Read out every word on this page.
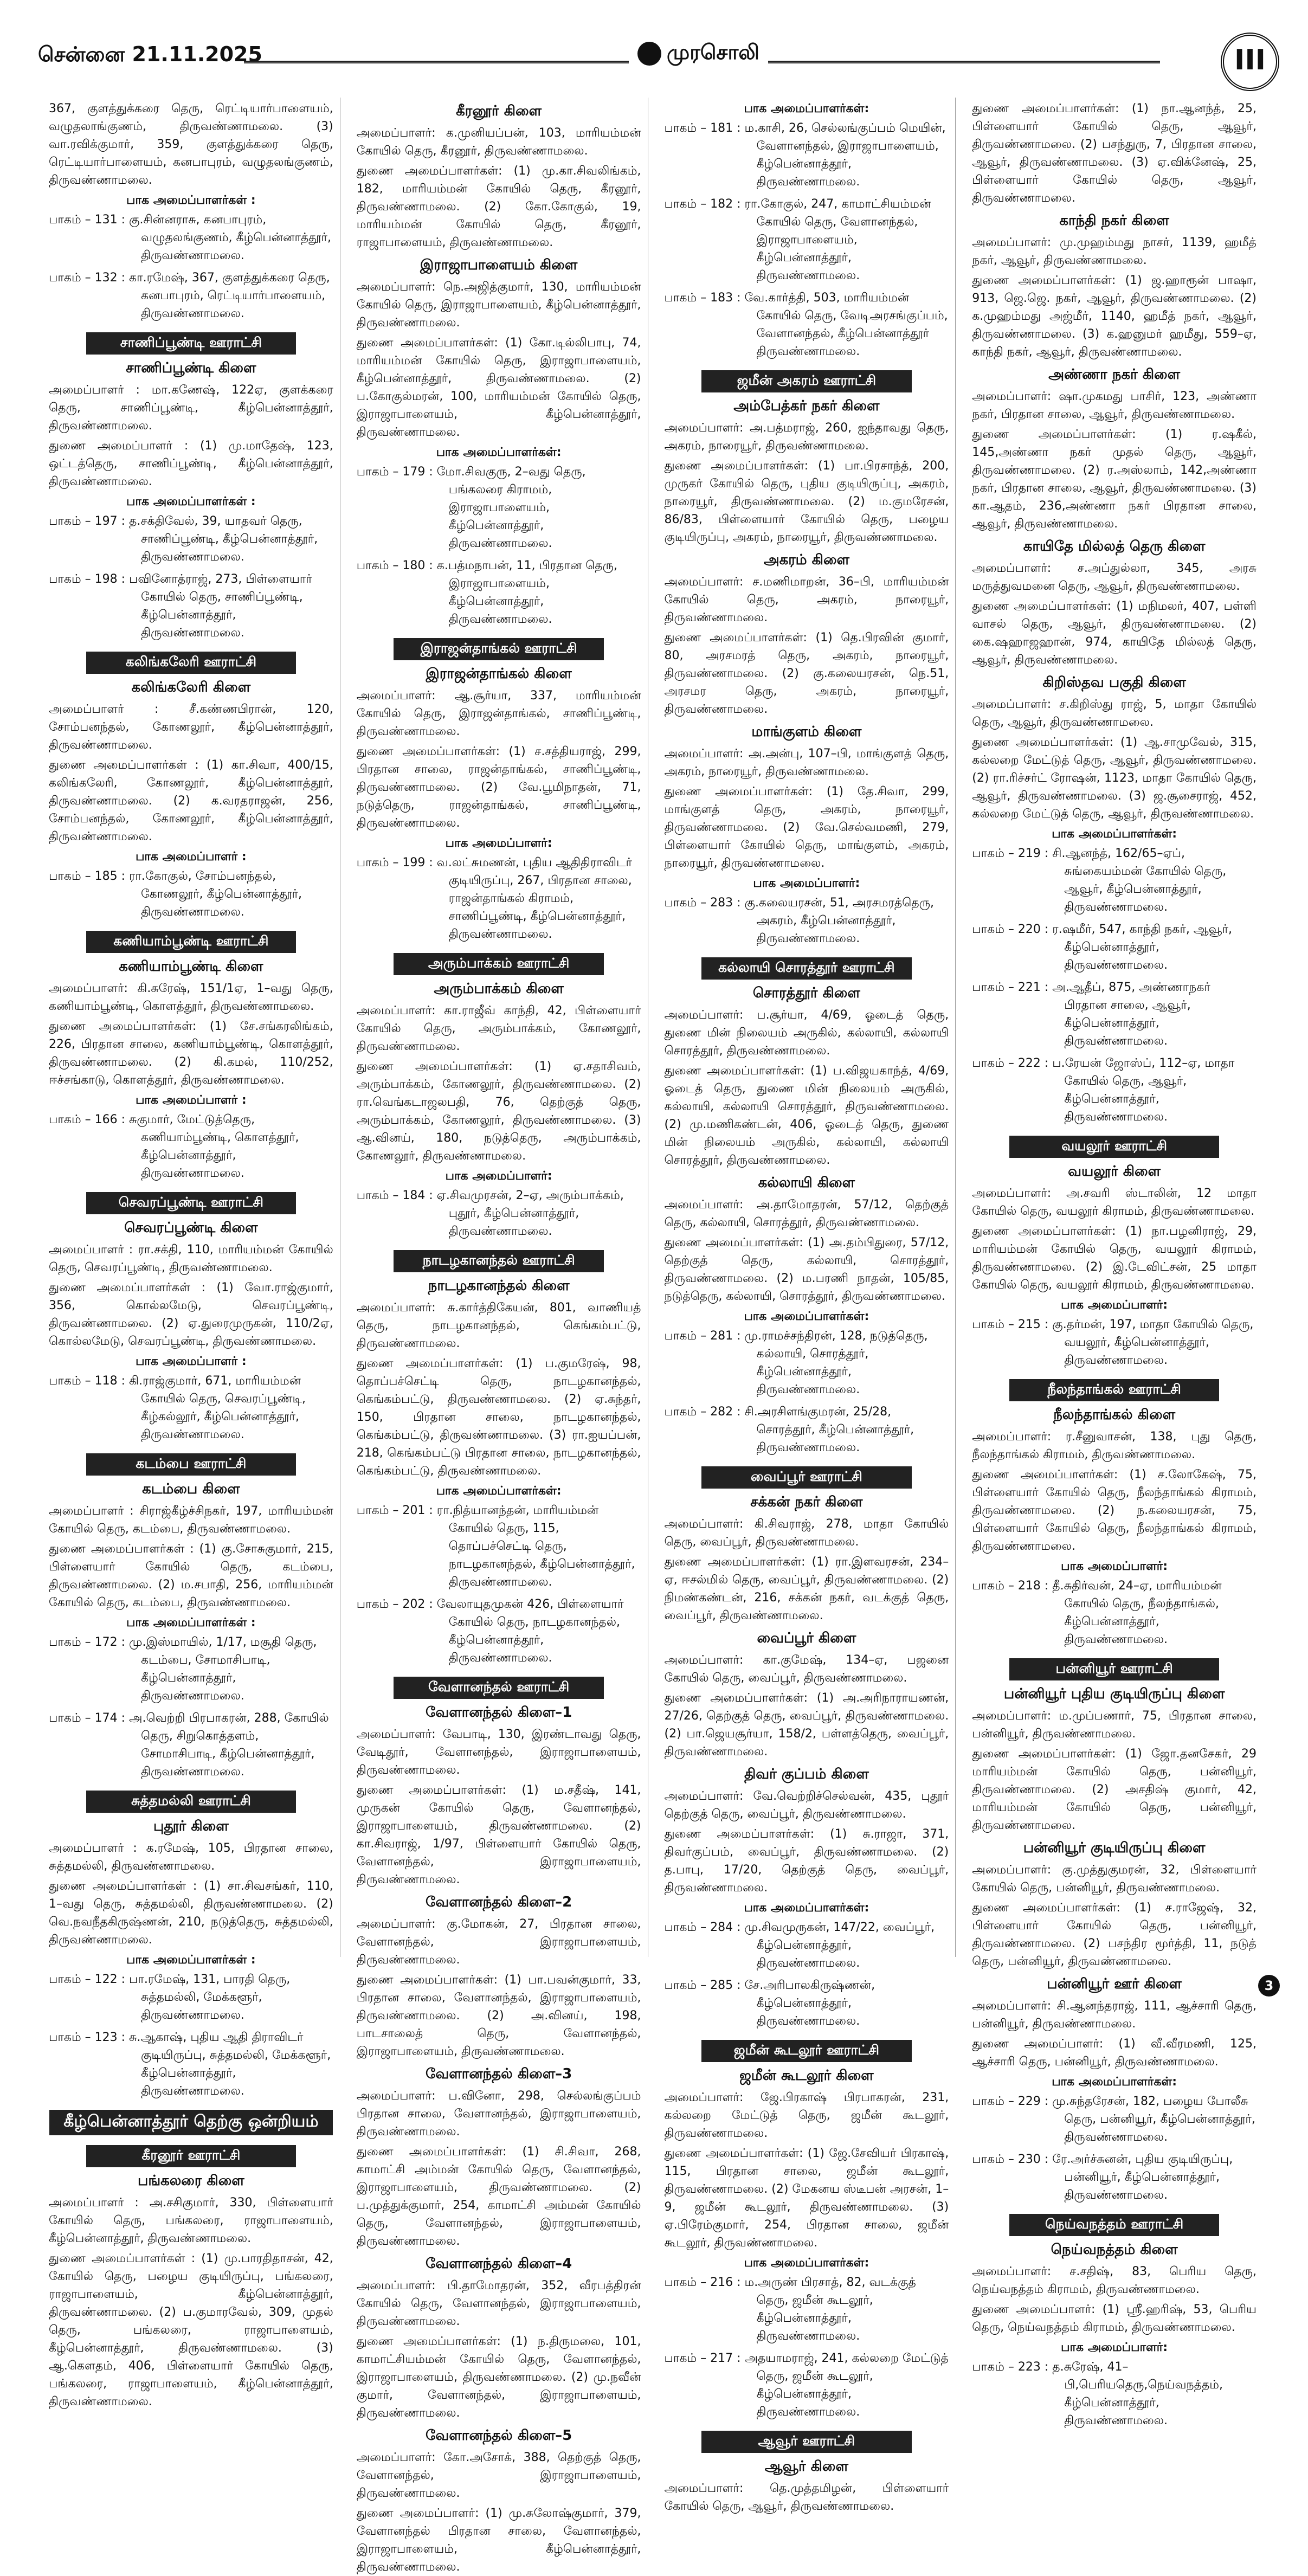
சென்னை 21.11.2025	முரசொலி	III
367, குளத்துக்கரை தெரு, ரெட்டியார்பாளையம், வழுதலாங்குணம், திருவண்ணாமலை. (3) வா.ரவிக்குமார், 359, குளத்துக்கரை தெரு, ரெட்டியார்பாளையம், கனபாபுரம், வழுதலங்குணம், திருவண்ணாமலை.
பாக அமைப்பாளர்கள் :
பாகம் – 131 : கு.சின்னராசு, கனபாபுரம், வழுதலங்குணம், கீழ்பென்னாத்தூர், திருவண்ணாமலை.
பாகம் – 132 : கா.ரமேஷ், 367, குளத்துக்கரை தெரு, கனபாபுரம், ரெட்டியார்பாளையம், திருவண்ணாமலை.
சாணிப்பூண்டி ஊராட்சி
சாணிப்பூண்டி கிளை
அமைப்பாளர் : மா.கணேஷ், 122ஏ, குளக்கரை தெரு, சாணிப்பூண்டி, கீழ்பென்னாத்தூர், திருவண்ணாமலை.
துணை அமைப்பாளர் : (1) மு.மாதேஷ், 123, ஒட்டத்தெரு, சாணிப்பூண்டி, கீழ்பென்னாத்தூர், திருவண்ணாமலை.
பாக அமைப்பாளர்கள் :
பாகம் – 197 : த.சக்திவேல், 39, யாதவர் தெரு, சாணிப்பூண்டி, கீழ்பென்னாத்தூர், திருவண்ணாமலை.
பாகம் – 198 : பவினோத்ராஜ், 273, பிள்ளையார் கோயில் தெரு, சாணிப்பூண்டி, கீழ்பென்னாத்தூர், திருவண்ணாமலை.
கலிங்கலேரி ஊராட்சி
கலிங்கலேரி கிளை
அமைப்பாளர் : சீ.கண்ணபிரான், 120, சோம்பனந்தல், கோணலூர், கீழ்பென்னாத்தூர், திருவண்ணாமலை.
துணை அமைப்பாளர்கள் : (1) கா.சிவா, 400/15, கலிங்கலேரி, கோணலூர், கீழ்பென்னாத்தூர், திருவண்ணாமலை. (2) க.வரதராஜன், 256, சோம்பனந்தல், கோணலூர், கீழ்பென்னாத்தூர், திருவண்ணாமலை.
பாக அமைப்பாளர் :
பாகம் – 185 : ரா.கோகுல், சோம்பனந்தல், கோணலூர், கீழ்பென்னாத்தூர், திருவண்ணாமலை.
கணியாம்பூண்டி ஊராட்சி
கணியாம்பூண்டி கிளை
அமைப்பாளர்: கி.சுரேஷ், 151/1ஏ, 1–வது தெரு, கணியாம்பூண்டி, கொளத்தூர், திருவண்ணாமலை.
துணை அமைப்பாளர்கள்: (1) சே.சங்கரலிங்கம், 226, பிரதான சாலை, கணியாம்பூண்டி, கொளத்தூர், திருவண்ணாமலை. (2) கி.கமல், 110/252, ஈச்சங்காடு, கொளத்தூர், திருவண்ணாமலை.
பாக அமைப்பாளர் :
பாகம் – 166 : சுகுமார், மேட்டுத்தெரு, கணியாம்பூண்டி, கொளத்தூர், கீழ்பென்னாத்தூர், திருவண்ணாமலை.
செவரப்பூண்டி ஊராட்சி
செவரப்பூண்டி கிளை
அமைப்பாளர் : ரா.சக்தி, 110, மாரியம்மன் கோயில் தெரு, செவரப்பூண்டி, திருவண்ணாமலை.
துணை அமைப்பாளர்கள் : (1) வோ.ராஜ்குமார், 356, கொல்லமேடு, செவரப்பூண்டி, திருவண்ணாமலை. (2) ஏ.துரைமுருகன், 110/2ஏ, கொல்லமேடு, செவரப்பூண்டி, திருவண்ணாமலை.
பாக அமைப்பாளர் :
பாகம் – 118 : கி.ராஜ்குமார், 671, மாரியம்மன் கோயில் தெரு, செவரப்பூண்டி, கீழ்கல்லூர், கீழ்பென்னாத்தூர், திருவண்ணாமலை.
கடம்பை ஊராட்சி
கடம்பை கிளை
அமைப்பாளர் : சிராஜ்கீழ்ச்சிநகர், 197, மாரியம்மன் கோயில் தெரு, கடம்பை, திருவண்ணாமலை.
துணை அமைப்பாளர்கள் : (1) கு.சோசுகுமார், 215, பிள்ளையார் கோயில் தெரு, கடம்பை, திருவண்ணாமலை. (2) ம.சபாதி, 256, மாரியம்மன் கோயில் தெரு, கடம்பை, திருவண்ணாமலை.
பாக அமைப்பாளர்கள் :
பாகம் – 172 : மு.இஸ்மாயில், 1/17, மசூதி தெரு, கடம்பை, சோமாசிபாடி, கீழ்பென்னாத்தூர், திருவண்ணாமலை.
பாகம் – 174 : அ.வெற்றி பிரபாகரன், 288, கோயில் தெரு, சிறுகொத்தளம், சோமாசிபாடி, கீழ்பென்னாத்தூர், திருவண்ணாமலை.
சுத்தமல்லி ஊராட்சி
புதூர் கிளை
அமைப்பாளர் : க.ரமேஷ், 105, பிரதான சாலை, சுத்தமல்லி, திருவண்ணாமலை.
துணை அமைப்பாளர்கள் : (1) சா.சிவசங்கர், 110, 1–வது தெரு, சுத்தமல்லி, திருவண்ணாமலை. (2) வெ.நவநீதகிருஷ்ணன், 210, நடுத்தெரு, சுத்தமல்லி, திருவண்ணாமலை.
பாக அமைப்பாளர்கள் :
பாகம் – 122 : பா.ரமேஷ், 131, பாரதி தெரு, சுத்தமல்லி, மேக்களூர், திருவண்ணாமலை.
பாகம் – 123 : சு.ஆகாஷ், புதிய ஆதி திராவிடர் குடியிருப்பு, சுத்தமல்லி, மேக்களூர், கீழ்பென்னாத்தூர், திருவண்ணாமலை.
கீழ்பென்னாத்தூர் தெற்கு ஒன்றியம்
கீரனூர் ஊராட்சி
பங்கலரை கிளை
அமைப்பாளர் : அ.சசிகுமார், 330, பிள்ளையார் கோயில் தெரு, பங்கலரை, ராஜாபாளையம், கீழ்பென்னாத்தூர், திருவண்ணாமலை.
துணை அமைப்பாளர்கள் : (1) மு.பாரதிதாசன், 42, கோயில் தெரு, பழைய குடியிருப்பு, பங்கலரை, ராஜாபாளையம், கீழ்பென்னாத்தூர், திருவண்ணாமலை. (2) ப.குமாரவேல், 309, முதல் தெரு, பங்கலரை, ராஜாபாளையம், கீழ்பென்னாத்தூர், திருவண்ணாமலை. (3) ஆ.கௌதம், 406, பிள்ளையார் கோயில் தெரு, பங்கலரை, ராஜாபாளையம், கீழ்பென்னாத்தூர், திருவண்ணாமலை.
கீரனூர் கிளை
அமைப்பாளர்: க.முனியப்பன், 103, மாரியம்மன் கோயில் தெரு, கீரனூர், திருவண்ணாமலை.
துணை அமைப்பாளர்கள்: (1) மு.கா.சிவலிங்கம், 182, மாரியம்மன் கோயில் தெரு, கீரனூர், திருவண்ணாமலை. (2) கோ.கோகுல், 19, மாரியம்மன் கோயில் தெரு, கீரனூர், ராஜாபாளையம், திருவண்ணாமலை.
இராஜாபாளையம் கிளை
அமைப்பாளர்: நெ.அஜித்குமார், 130, மாரியம்மன் கோயில் தெரு, இராஜாபாளையம், கீழ்பென்னாத்தூர், திருவண்ணாமலை.
துணை அமைப்பாளர்கள்: (1) கோ.டில்லிபாபு, 74, மாரியம்மன் கோயில் தெரு, இராஜாபாளையம், கீழ்பென்னாத்தூர், திருவண்ணாமலை. (2) ப.கோகுல்மரன், 100, மாரியம்மன் கோயில் தெரு, இராஜாபாளையம், கீழ்பென்னாத்தூர், திருவண்ணாமலை.
பாக அமைப்பாளர்கள்:
பாகம் – 179 : மோ.சிவகுரு, 2–வது தெரு, பங்கலரை கிராமம், இராஜாபாளையம், கீழ்பென்னாத்தூர், திருவண்ணாமலை.
பாகம் – 180 : க.பத்மநாபன், 11, பிரதான தெரு, இராஜாபாளையம், கீழ்பென்னாத்தூர், திருவண்ணாமலை.
இராஜன்தாங்கல் ஊராட்சி
இராஜன்தாங்கல் கிளை
அமைப்பாளர்: ஆ.சூர்யா, 337, மாரியம்மன் கோயில் தெரு, இராஜன்தாங்கல், சாணிப்பூண்டி, திருவண்ணாமலை.
துணை அமைப்பாளர்கள்: (1) ச.சத்தியராஜ், 299, பிரதான சாலை, ராஜன்தாங்கல், சாணிப்பூண்டி, திருவண்ணாமலை. (2) வே.பூமிநாதன், 71, நடுத்தெரு, ராஜன்தாங்கல், சாணிப்பூண்டி, திருவண்ணாமலை.
பாக அமைப்பாளர்:
பாகம் – 199 : வ.லட்சுமணன், புதிய ஆதிதிராவிடர் குடியிருப்பு, 267, பிரதான சாலை, ராஜன்தாங்கல் கிராமம், சாணிப்பூண்டி, கீழ்பென்னாத்தூர், திருவண்ணாமலை.
அரும்பாக்கம் ஊராட்சி
அரும்பாக்கம் கிளை
அமைப்பாளர்: கா.ராஜீவ் காந்தி, 42, பிள்ளையார் கோயில் தெரு, அரும்பாக்கம், கோணலூர், திருவண்ணாமலை.
துணை அமைப்பாளர்கள்: (1) ஏ.சதாசிவம், அரும்பாக்கம், கோணலூர், திருவண்ணாமலை. (2) ரா.வெங்கடாஜலபதி, 76, தெற்குத் தெரு, அரும்பாக்கம், கோணலூர், திருவண்ணாமலை. (3) ஆ.வினய், 180, நடுத்தெரு, அரும்பாக்கம், கோணலூர், திருவண்ணாமலை.
பாக அமைப்பாளர்:
பாகம் – 184 : ஏ.சிவமுரசன், 2–ஏ, அரும்பாக்கம், புதூர், கீழ்பென்னாத்தூர், திருவண்ணாமலை.
நாடழகானந்தல் ஊராட்சி
நாடழகானந்தல் கிளை
அமைப்பாளர்: சு.கார்த்திகேயன், 801, வாணியத் தெரு, நாடழகானந்தல், கெங்கம்பட்டு, திருவண்ணாமலை.
துணை அமைப்பாளர்கள்: (1) ப.குமரேஷ், 98, தொப்பச்செட்டி தெரு, நாடழகானந்தல், கெங்கம்பட்டு, திருவண்ணாமலை. (2) ஏ.சுந்தர், 150, பிரதான சாலை, நாடழகானந்தல், கெங்கம்பட்டு, திருவண்ணாமலை. (3) ரா.ஐயப்பன், 218, கெங்கம்பட்டு பிரதான சாலை, நாடழகானந்தல், கெங்கம்பட்டு, திருவண்ணாமலை.
பாக அமைப்பாளர்கள்:
பாகம் – 201 : ரா.நித்யானந்தன், மாரியம்மன் கோயில் தெரு, 115, தொப்பச்செட்டி தெரு, நாடழகானந்தல், கீழ்பென்னாத்தூர், திருவண்ணாமலை.
பாகம் – 202 : வேலாயுதமுகன் 426, பிள்ளையார் கோயில் தெரு, நாடழகானந்தல், கீழ்பென்னாத்தூர், திருவண்ணாமலை.
வேளானந்தல் ஊராட்சி
வேளானந்தல் கிளை–1
அமைப்பாளர்: வேபாடி, 130, இரண்டாவது தெரு, வேடிதூர், வேளானந்தல், இராஜாபாளையம், திருவண்ணாமலை.
துணை அமைப்பாளர்கள்: (1) ம.சதீஷ், 141, முருகன் கோயில் தெரு, வேளானந்தல், இராஜாபாளையம், திருவண்ணாமலை. (2) கா.சிவராஜ், 1/97, பிள்ளையார் கோயில் தெரு, வேளானந்தல், இராஜாபாளையம், திருவண்ணாமலை.
வேளானந்தல் கிளை–2
அமைப்பாளர்: கு.மோகன், 27, பிரதான சாலை, வேளானந்தல், இராஜாபாளையம், திருவண்ணாமலை.
துணை அமைப்பாளர்கள்: (1) பா.பவன்குமார், 33, பிரதான சாலை, வேளானந்தல், இராஜாபாளையம், திருவண்ணாமலை. (2) அ.வினய், 198, பாடசாலைத் தெரு, வேளானந்தல், இராஜாபாளையம், திருவண்ணாமலை.
வேளானந்தல் கிளை–3
அமைப்பாளர்: ப.வினோ, 298, செல்லங்குப்பம் பிரதான சாலை, வேளானந்தல், இராஜாபாளையம், திருவண்ணாமலை.
துணை அமைப்பாளர்கள்: (1) சி.சிவா, 268, காமாட்சி அம்மன் கோயில் தெரு, வேளானந்தல், இராஜாபாளையம், திருவண்ணாமலை. (2) ப.முத்துக்குமார், 254, காமாட்சி அம்மன் கோயில் தெரு, வேளானந்தல், இராஜாபாளையம், திருவண்ணாமலை.
வேளானந்தல் கிளை–4
அமைப்பாளர்: பி.தாமோதரன், 352, வீரபத்திரன் கோயில் தெரு, வேளானந்தல், இராஜாபாளையம், திருவண்ணாமலை.
துணை அமைப்பாளர்கள்: (1) ந.திருமலை, 101, காமாட்சியம்மன் கோயில் தெரு, வேளானந்தல், இராஜாபாளையம், திருவண்ணாமலை. (2) மு.நவீன் குமார், வேளானந்தல், இராஜாபாளையம், திருவண்ணாமலை.
வேளானந்தல் கிளை–5
அமைப்பாளர்: கோ.அசோக், 388, தெற்குத் தெரு, வேளானந்தல், இராஜாபாளையம், திருவண்ணாமலை.
துணை அமைப்பாளர்: (1) மு.சுலோஷ்குமார், 379, வேளானந்தல் பிரதான சாலை, வேளானந்தல், இராஜாபாளையம், கீழ்பென்னாத்தூர், திருவண்ணாமலை.
பாக அமைப்பாளர்கள்:
பாகம் – 181 : ம.காசி, 26, செல்லங்குப்பம் மெயின், வேளானந்தல், இராஜாபாளையம், கீழ்பென்னாத்தூர், திருவண்ணாமலை.
பாகம் – 182 : ரா.கோகுல், 247, காமாட்சியம்மன் கோயில் தெரு, வேளானந்தல், இராஜாபாளையம், கீழ்பென்னாத்தூர், திருவண்ணாமலை.
பாகம் – 183 : வே.கார்த்தி, 503, மாரியம்மன் கோயில் தெரு, வேடிஅரசங்குப்பம், வேளானந்தல், கீழ்பென்னாத்தூர் திருவண்ணாமலை.
ஜமீன் அகரம் ஊராட்சி
அம்பேத்கர் நகர் கிளை
அமைப்பாளர்: அ.பத்மராஜ், 260, ஐந்தாவது தெரு, அகரம், நாரையூர், திருவண்ணாமலை.
துணை அமைப்பாளர்கள்: (1) பா.பிரசாந்த், 200, முருகர் கோயில் தெரு, புதிய குடியிருப்பு, அகரம், நாரையூர், திருவண்ணாமலை. (2) ம.குமரேசன், 86/83, பிள்ளையார் கோயில் தெரு, பழைய குடியிருப்பு, அகரம், நாரையூர், திருவண்ணாமலை.
அகரம் கிளை
அமைப்பாளர்: ச.மணிமாறன், 36–பி, மாரியம்மன் கோயில் தெரு, அகரம், நாரையூர், திருவண்ணாமலை.
துணை அமைப்பாளர்கள்: (1) தெ.பிரவின் குமார், 80, அரசமரத் தெரு, அகரம், நாரையூர், திருவண்ணாமலை. (2) கு.கலையரசன், நெ.51, அரசமர தெரு, அகரம், நாரையூர், திருவண்ணாமலை.
மாங்குளம் கிளை
அமைப்பாளர்: அ.அன்பு, 107–பி, மாங்குளத் தெரு, அகரம், நாரையூர், திருவண்ணாமலை.
துணை அமைப்பாளர்கள்: (1) தே.சிவா, 299, மாங்குளத் தெரு, அகரம், நாரையூர், திருவண்ணாமலை. (2) வே.செல்வமணி, 279, பிள்ளையார் கோயில் தெரு, மாங்குளம், அகரம், நாரையூர், திருவண்ணாமலை.
பாக அமைப்பாளர்:
பாகம் – 283 : கு.கலையரசன், 51, அரசமரத்தெரு, அகரம், கீழ்பென்னாத்தூர், திருவண்ணாமலை.
கல்லாயி சொரத்தூர் ஊராட்சி
சொரத்தூர் கிளை
அமைப்பாளர்: ப.சூர்யா, 4/69, ஓடைத் தெரு, துணை மின் நிலையம் அருகில், கல்லாயி, கல்லாயி சொரத்தூர், திருவண்ணாமலை.
துணை அமைப்பாளர்கள்: (1) ப.விஜயகாந்த், 4/69, ஓடைத் தெரு, துணை மின் நிலையம் அருகில், கல்லாயி, கல்லாயி சொரத்தூர், திருவண்ணாமலை. (2) மு.மணிகண்டன், 406, ஓடைத் தெரு, துணை மின் நிலையம் அருகில், கல்லாயி, கல்லாயி சொரத்தூர், திருவண்ணாமலை.
கல்லாயி கிளை
அமைப்பாளர்: அ.தாமோதரன், 57/12, தெற்குத் தெரு, கல்லாயி, சொரத்தூர், திருவண்ணாமலை.
துணை அமைப்பாளர்கள்: (1) அ.தம்பிதுரை, 57/12, தெற்குத் தெரு, கல்லாயி, சொரத்தூர், திருவண்ணாமலை. (2) ம.பரணி நாதன், 105/85, நடுத்தெரு, கல்லாயி, சொரத்தூர், திருவண்ணாமலை.
பாக அமைப்பாளர்கள்:
பாகம் – 281 : மு.ராமச்சந்திரன், 128, நடுத்தெரு, கல்லாயி, சொரத்தூர், கீழ்பென்னாத்தூர், திருவண்ணாமலை.
பாகம் – 282 : சி.அரசிளங்குமரன், 25/28, சொரத்தூர், கீழ்பென்னாத்தூர், திருவண்ணாமலை.
வைப்பூர் ஊராட்சி
சக்கன் நகர் கிளை
அமைப்பாளர்: கி.சிவராஜ், 278, மாதா கோயில் தெரு, வைப்பூர், திருவண்ணாமலை.
துணை அமைப்பாளர்கள்: (1) ரா.இளவரசன், 234–ஏ, ஈசல்மில் தெரு, வைப்பூர், திருவண்ணாமலை. (2) நிமண்கண்டன், 216, சக்கன் நகர், வடக்குத் தெரு, வைப்பூர், திருவண்ணாமலை.
வைப்பூர் கிளை
அமைப்பாளர்: கா.குமேஷ், 134–ஏ, பஜனை கோயில் தெரு, வைப்பூர், திருவண்ணாமலை.
துணை அமைப்பாளர்கள்: (1) அ.அரிநாராயணன், 27/26, தெற்குத் தெரு, வைப்பூர், திருவண்ணாமலை. (2) பா.ஜெயசூர்யா, 158/2, பள்ளத்தெரு, வைப்பூர், திருவண்ணாமலை.
திவர் குப்பம் கிளை
அமைப்பாளர்: வே.வெற்றிச்செல்வன், 435, புதூர் தெற்குத் தெரு, வைப்பூர், திருவண்ணாமலை.
துணை அமைப்பாளர்கள்: (1) சு.ராஜா, 371, திவர்குப்பம், வைப்பூர், திருவண்ணாமலை. (2) த.பாபு, 17/20, தெற்குத் தெரு, வைப்பூர், திருவண்ணாமலை.
பாக அமைப்பாளர்கள்:
பாகம் – 284 : மு.சிவமுருகன், 147/22, வைப்பூர், கீழ்பென்னாத்தூர், திருவண்ணாமலை.
பாகம் – 285 : சே.அரிபாலகிருஷ்ணன், கீழ்பென்னாத்தூர், திருவண்ணாமலை.
ஜமீன் கூடலூர் ஊராட்சி
ஜமீன் கூடலூர் கிளை
அமைப்பாளர்: ஜே.பிரகாஷ் பிரபாகரன், 231, கல்லறை மேட்டுத் தெரு, ஜமீன் கூடலூர், திருவண்ணாமலை.
துணை அமைப்பாளர்கள்: (1) ஜே.சேவியர் பிரகாஷ், 115, பிரதான சாலை, ஜமீன் கூடலூர், திருவண்ணாமலை. (2) மேகனய ஸ்டீபன் அரசன், 1–9, ஜமீன் கூடலூர், திருவண்ணாமலை. (3) ஏ.பிரேம்குமார், 254, பிரதான சாலை, ஜமீன் கூடலூர், திருவண்ணாமலை.
பாக அமைப்பாளர்கள்:
பாகம் – 216 : ம.அருண் பிரசாத், 82, வடக்குத் தெரு, ஜமீன் கூடலூர், கீழ்பென்னாத்தூர், திருவண்ணாமலை.
பாகம் – 217 : அதயாமராஜ், 241, கல்லறை மேட்டுத் தெரு, ஜமீன் கூடலூர், கீழ்பென்னாத்தூர், திருவண்ணாமலை.
ஆவூர் ஊராட்சி
ஆவூர் கிளை
அமைப்பாளர்: தெ.முத்தமிழன், பிள்ளையார் கோயில் தெரு, ஆவூர், திருவண்ணாமலை.
துணை அமைப்பாளர்கள்: (1) நா.ஆனந்த், 25, பிள்ளையார் கோயில் தெரு, ஆவூர், திருவண்ணாமலை. (2) பசந்துரு, 7, பிரதான சாலை, ஆவூர், திருவண்ணாமலை. (3) ஏ.விக்னேஷ், 25, பிள்ளையார் கோயில் தெரு, ஆவூர், திருவண்ணாமலை.
காந்தி நகர் கிளை
அமைப்பாளர்: மு.முஹம்மது நாசர், 1139, ஹமீத் நகர், ஆவூர், திருவண்ணாமலை.
துணை அமைப்பாளர்கள்: (1) ஜ.ஹாரூன் பாஷா, 913, ஜெ.ஜெ. நகர், ஆவூர், திருவண்ணாமலை. (2) க.முஹம்மது அஜ்மீர், 1140, ஹமீத் நகர், ஆவூர், திருவண்ணாமலை. (3) க.ஹனுமர் ஹமீது, 559–ஏ, காந்தி நகர், ஆவூர், திருவண்ணாமலை.
அண்ணா நகர் கிளை
அமைப்பாளர்: ஷா.முகமது பாசிர், 123, அண்ணா நகர், பிரதான சாலை, ஆவூர், திருவண்ணாமலை.
துணை அமைப்பாளர்கள்: (1) ர.ஷகீல், 145,அண்ணா நகர் முதல் தெரு, ஆவூர், திருவண்ணாமலை. (2) ர.அஸ்லாம், 142,அண்ணா நகர், பிரதான சாலை, ஆவூர், திருவண்ணாமலை. (3) கா.ஆதம், 236,அண்ணா நகர் பிரதான சாலை, ஆவூர், திருவண்ணாமலை.
காயிதே மில்லத் தெரு கிளை
அமைப்பாளர்: ச.அப்துல்லா, 345, அரசு மருத்துவமனை தெரு, ஆவூர், திருவண்ணாமலை.
துணை அமைப்பாளர்கள்: (1) மநிமலர், 407, பள்ளி வாசல் தெரு, ஆவூர், திருவண்ணாமலை. (2) கை.ஷஹாஜஹான், 974, காயிதே மில்லத் தெரு, ஆவூர், திருவண்ணாமலை.
கிறிஸ்தவ பகுதி கிளை
அமைப்பாளர்: ச.கிறிஸ்து ராஜ், 5, மாதா கோயில் தெரு, ஆவூர், திருவண்ணாமலை.
துணை அமைப்பாளர்கள்: (1) ஆ.சாமுவேல், 315, கல்லறை மேட்டுத் தெரு, ஆவூர், திருவண்ணாமலை. (2) ரா.ரிச்சர்ட் ரோஷன், 1123, மாதா கோயில் தெரு, ஆவூர், திருவண்ணாமலை. (3) ஜ.சூசைராஜ், 452, கல்லறை மேட்டுத் தெரு, ஆவூர், திருவண்ணாமலை.
பாக அமைப்பாளர்கள்:
பாகம் – 219 : சி.ஆனந்த், 162/65–ஏப், சுங்கையம்மன் கோயில் தெரு, ஆவூர், கீழ்பென்னாத்தூர், திருவண்ணாமலை.
பாகம் – 220 : ர.ஷமீர், 547, காந்தி நகர், ஆவூர், கீழ்பென்னாத்தூர், திருவண்ணாமலை.
பாகம் – 221 : அ.ஆதீப், 875, அண்ணாநகர் பிரதான சாலை, ஆவூர், கீழ்பென்னாத்தூர், திருவண்ணாமலை.
பாகம் – 222 : ப.ரேயன் ஜோஸ்ப், 112–ஏ, மாதா கோயில் தெரு, ஆவூர், கீழ்பென்னாத்தூர், திருவண்ணாமலை.
வயலூர் ஊராட்சி
வயலூர் கிளை
அமைப்பாளர்: அ.சவரி ஸ்டாலின், 12 மாதா கோயில் தெரு, வயலூர் கிராமம், திருவண்ணாமலை.
துணை அமைப்பாளர்கள்: (1) நா.பழனிராஜ், 29, மாரியம்மன் கோயில் தெரு, வயலூர் கிராமம், திருவண்ணாமலை. (2) இ.டேவிட்சன், 25 மாதா கோயில் தெரு, வயலூர் கிராமம், திருவண்ணாமலை.
பாக அமைப்பாளர்:
பாகம் – 215 : கு.தர்மன், 197, மாதா கோயில் தெரு, வயலூர், கீழ்பென்னாத்தூர், திருவண்ணாமலை.
நீலந்தாங்கல் ஊராட்சி
நீலந்தாங்கல் கிளை
அமைப்பாளர்: ர.சீனுவாசன், 138, புது தெரு, நீலந்தாங்கல் கிராமம், திருவண்ணாமலை.
துணை அமைப்பாளர்கள்: (1) ச.லோகேஷ், 75, பிள்ளையார் கோயில் தெரு, நீலந்தாங்கல் கிராமம், திருவண்ணாமலை. (2) ந.கலையரசன், 75, பிள்ளையார் கோயில் தெரு, நீலந்தாங்கல் கிராமம், திருவண்ணாமலை.
பாக அமைப்பாளர்:
பாகம் – 218 : தீ.சுதிர்வன், 24–ஏ, மாரியம்மன் கோயில் தெரு, நீலந்தாங்கல், கீழ்பென்னாத்தூர், திருவண்ணாமலை.
பன்னியூர் ஊராட்சி
பன்னியூர் புதிய குடியிருப்பு கிளை
அமைப்பாளர்: ம.முப்பணார், 75, பிரதான சாலை, பன்னியூர், திருவண்ணாமலை.
துணை அமைப்பாளர்கள்: (1) ஜோ.தனசேகர், 29 மாரியம்மன் கோயில் தெரு, பன்னியூர், திருவண்ணாமலை. (2) அசதிஷ் குமார், 42, மாரியம்மன் கோயில் தெரு, பன்னியூர், திருவண்ணாமலை.
பன்னியூர் குடியிருப்பு கிளை
அமைப்பாளர்: கு.முத்துகுமரன், 32, பிள்ளையார் கோயில் தெரு, பன்னியூர், திருவண்ணாமலை.
துணை அமைப்பாளர்கள்: (1) ச.ராஜேஷ், 32, பிள்ளையார் கோயில் தெரு, பன்னியூர், திருவண்ணாமலை. (2) பசந்திர மூர்த்தி, 11, நடுத் தெரு, பன்னியூர், திருவண்ணாமலை.
பன்னியூர் ஊர் கிளை
அமைப்பாளர்: சி.ஆனந்தராஜ், 111, ஆச்சாரி தெரு, பன்னியூர், திருவண்ணாமலை.
துணை அமைப்பாளர்: (1) வீ.வீரமணி, 125, ஆச்சாரி தெரு, பன்னியூர், திருவண்ணாமலை.
பாக அமைப்பாளர்கள்:
பாகம் – 229 : மு.சுந்தரேசன், 182, பழைய போலீசு தெரு, பன்னியூர், கீழ்பென்னாத்தூர், திருவண்ணாமலை.
பாகம் – 230 : ரே.அர்ச்சுனன், புதிய குடியிருப்பு, பன்னியூர், கீழ்பென்னாத்தூர், திருவண்ணாமலை.
நெய்வநத்தம் ஊராட்சி
நெய்வநத்தம் கிளை
அமைப்பாளர்: ச.சதிஷ், 83, பெரிய தெரு, நெய்வநத்தம் கிராமம், திருவண்ணாமலை.
துணை அமைப்பாளர்: (1) ஸ்ரீ.ஹரிஷ், 53, பெரிய தெரு, நெய்வநத்தம் கிராமம், திருவண்ணாமலை.
பாக அமைப்பாளர்:
பாகம் – 223 : த.சுரேஷ், 41–பி,பெரியதெரு,நெய்வநத்தம், கீழ்பென்னாத்தூர், திருவண்ணாமலை.
3
